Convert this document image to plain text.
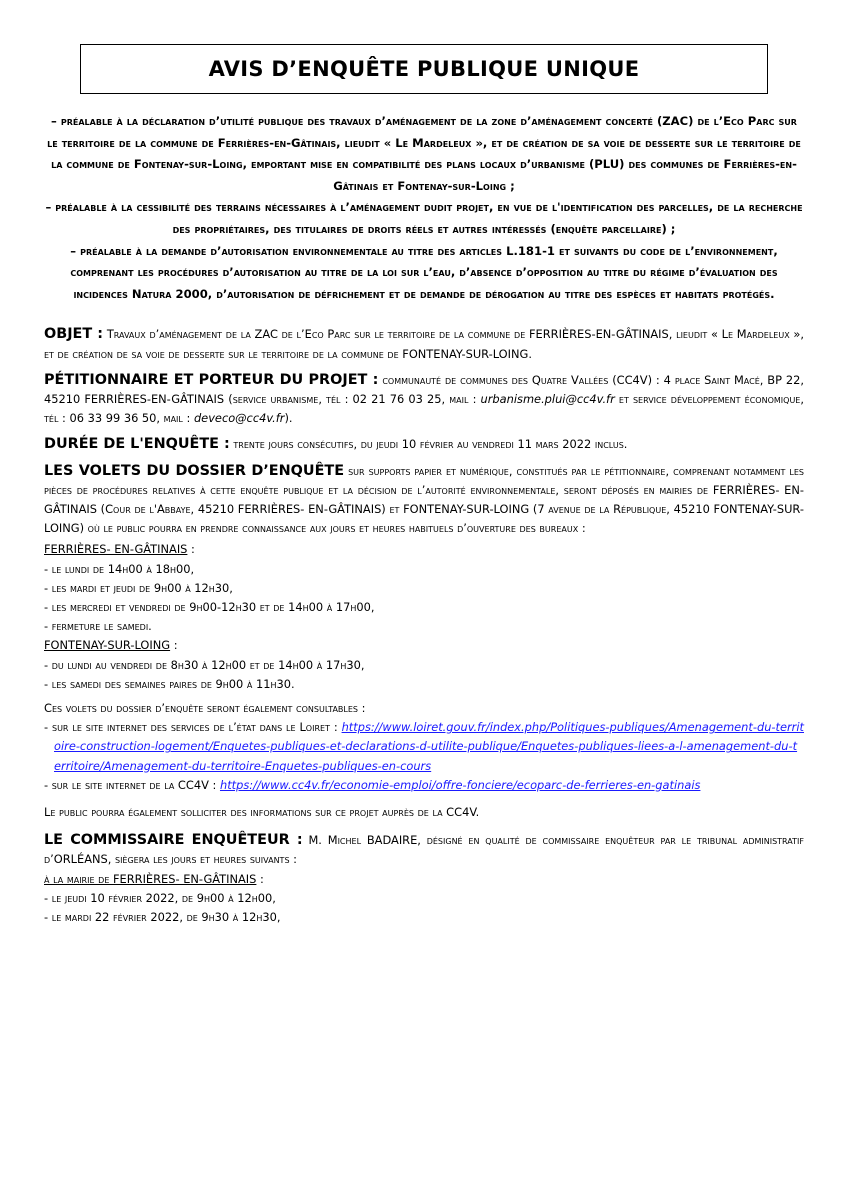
AVIS D’ENQUÊTE PUBLIQUE UNIQUE

– préalable à la déclaration d’utilité publique des travaux d’aménagement de la zone d’aménagement concerté (ZAC) de l’Eco Parc sur le territoire de la commune de Ferrières-en-Gâtinais, lieudit « Le Mardeleux », et de création de sa voie de desserte sur le territoire de la commune de Fontenay-sur-Loing, emportant mise en compatibilité des plans locaux d’urbanisme (PLU) des communes de Ferrières-en-Gâtinais et Fontenay-sur-Loing ;

– préalable à la cessibilité des terrains nécessaires à l’aménagement dudit projet, en vue de l'identification des parcelles, de la recherche des propriétaires, des titulaires de droits réels et autres intéressés (enquête parcellaire) ;

– préalable à la demande d’autorisation environnementale au titre des articles L.181-1 et suivants du code de l’environnement, comprenant les procédures d’autorisation au titre de la loi sur l’eau, d’absence d’opposition au titre du régime d’évaluation des incidences Natura 2000, d’autorisation de défrichement et de demande de dérogation au titre des espèces et habitats protégés.

OBJET : Travaux d’aménagement de la ZAC de l’Eco Parc sur le territoire de la commune de FERRIÈRES-EN-GÂTINAIS, lieudit « Le Mardeleux », et de création de sa voie de desserte sur le territoire de la commune de FONTENAY-SUR-LOING.
PÉTITIONNAIRE ET PORTEUR DU PROJET : communauté de communes des Quatre Vallées (CC4V) : 4 place Saint Macé, BP 22, 45210 FERRIÈRES-EN-GÂTINAIS (service urbanisme, tél : 02 21 76 03 25, mail : urbanisme.plui@cc4v.fr et service développement économique, tél : 06 33 99 36 50, mail : deveco@cc4v.fr).
DURÉE DE L'ENQUÊTE : trente jours consécutifs, du jeudi 10 février au vendredi 11 mars 2022 inclus.
LES VOLETS DU DOSSIER D’ENQUÊTE sur supports papier et numérique, constitués par le pétitionnaire, comprenant notamment les pièces de procédures relatives à cette enquête publique et la décision de l’autorité environnementale, seront déposés en mairies de FERRIÈRES- EN-GÂTINAIS (Cour de l'Abbaye, 45210 FERRIÈRES- EN-GÂTINAIS) et FONTENAY-SUR-LOING (7 avenue de la République, 45210 FONTENAY-SUR-LOING) où le public pourra en prendre connaissance aux jours et heures habituels d’ouverture des bureaux :

FERRIÈRES- EN-GÂTINAIS :

- le lundi de 14h00 à 18h00,
- les mardi et jeudi de 9h00 à 12h30,
- les mercredi et vendredi de 9h00-12h30 et de 14h00 à 17h00,
- fermeture le samedi.

FONTENAY-SUR-LOING :

- du lundi au vendredi de 8h30 à 12h00 et de 14h00 à 17h30,
- les samedi des semaines paires de 9h00 à 11h30.

Ces volets du dossier d’enquête seront également consultables :

- sur le site internet des services de l’état dans le Loiret : https://www.loiret.gouv.fr/index.php/Politiques-publiques/Amenagement-du-territoire-construction-logement/Enquetes-publiques-et-declarations-d-utilite-publique/Enquetes-publiques-liees-a-l-amenagement-du-territoire/Amenagement-du-territoire-Enquetes-publiques-en-cours

- sur le site internet de la CC4V : https://www.cc4v.fr/economie-emploi/offre-fonciere/ecoparc-de-ferrieres-en-gatinais

Le public pourra également solliciter des informations sur ce projet auprès de la CC4V.

LE COMMISSAIRE ENQUÊTEUR : M. Michel BADAIRE, désigné en qualité de commissaire enquêteur par le tribunal administratif d’ORLÉANS, siègera les jours et heures suivants :

à la mairie de FERRIÈRES- EN-GÂTINAIS :

- le jeudi 10 février 2022, de 9h00 à 12h00,
- le mardi 22 février 2022, de 9h30 à 12h30,
